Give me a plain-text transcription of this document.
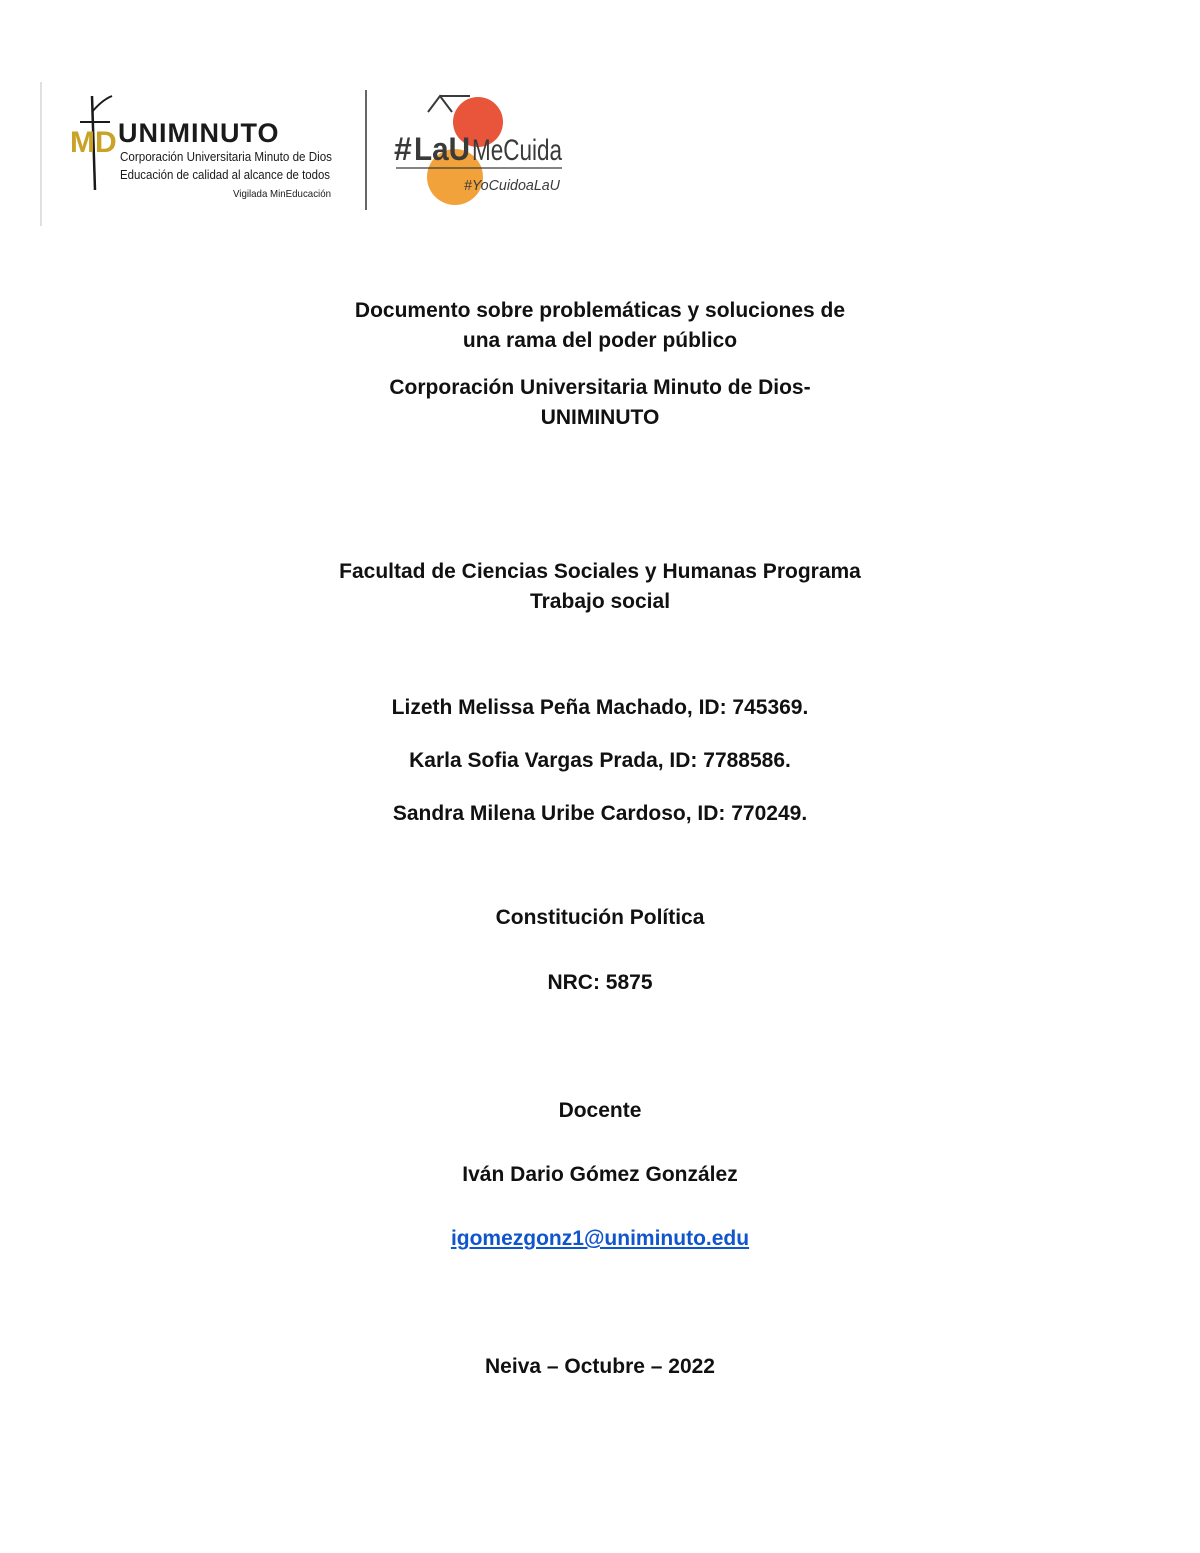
MD UNIMINUTO
Corporación Universitaria Minuto de Dios
Educación de calidad al alcance de todos
Vigilada MinEducación
# LaU MeCuida
#YoCuidoaLaU
Documento sobre problemáticas y soluciones de
una rama del poder público
Corporación Universitaria Minuto de Dios-
UNIMINUTO
Facultad de Ciencias Sociales y Humanas Programa
Trabajo social
Lizeth Melissa Peña Machado, ID: 745369.
Karla Sofia Vargas Prada, ID: 7788586.
Sandra Milena Uribe Cardoso, ID: 770249.
Constitución Política
NRC: 5875
Docente
Iván Dario Gómez González
igomezgonz1@uniminuto.edu
Neiva – Octubre – 2022
